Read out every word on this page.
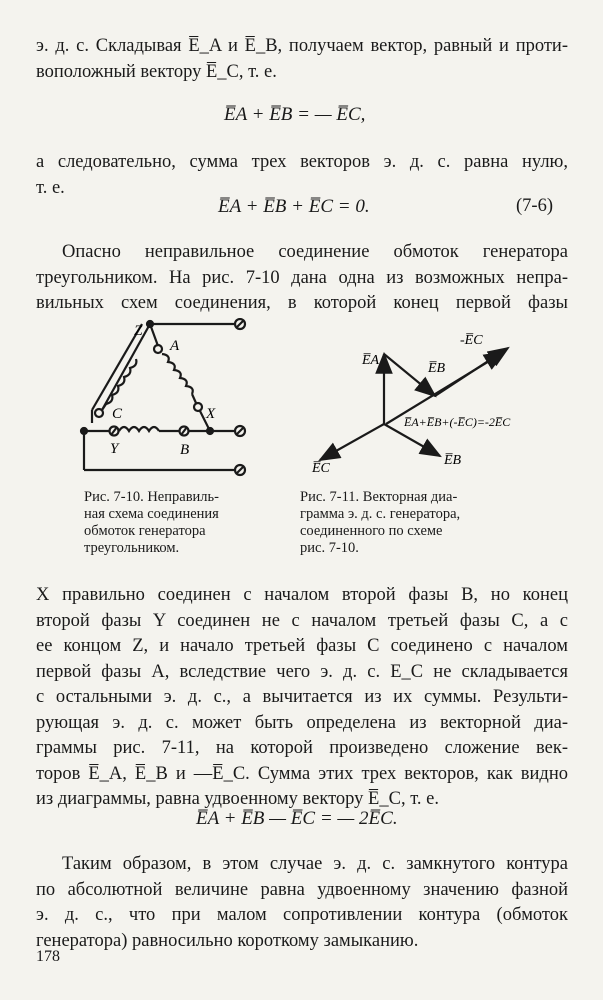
э. д. с. Складывая E̅_A и E̅_B, получаем вектор, равный и проти-
воположный вектору E̅_C, т. е.
E̅A + E̅B = — E̅C,
а следовательно, сумма трех векторов э. д. с. равна нулю,
т. е.
E̅A + E̅B + E̅C = 0.	(7-6)
Опасно неправильное соединение обмоток генератора
треугольником. На рис. 7-10 дана одна из возможных непра-
вильных схем соединения, в которой конец первой фазы
Z
A
C	X
Y	B
Рис. 7-10. Неправиль-
ная схема соединения
обмоток генератора
треугольником.
E̅A
E̅B
-E̅C
E̅A+E̅B+(-E̅C)=-2E̅C
E̅C
E̅B
Рис. 7-11. Векторная диа-
грамма э. д. с. генератора,
соединенного по схеме
рис. 7-10.
X правильно соединен с началом второй фазы B, но конец
второй фазы Y соединен не с началом третьей фазы C, а с
ее концом Z, и начало третьей фазы C соединено с началом
первой фазы A, вследствие чего э. д. с. E_C не складывается
с остальными э. д. с., а вычитается из их суммы. Результи-
рующая э. д. с. может быть определена из векторной диа-
граммы рис. 7-11, на которой произведено сложение век-
торов E̅_A, E̅_B и —E̅_C. Сумма этих трех векторов, как видно
из диаграммы, равна удвоенному вектору E̅_C, т. е.
E̅A + E̅B — E̅C = — 2E̅C.
Таким образом, в этом случае э. д. с. замкнутого контура
по абсолютной величине равна удвоенному значению фазной
э. д. с., что при малом сопротивлении контура (обмоток
генератора) равносильно короткому замыканию.
178
